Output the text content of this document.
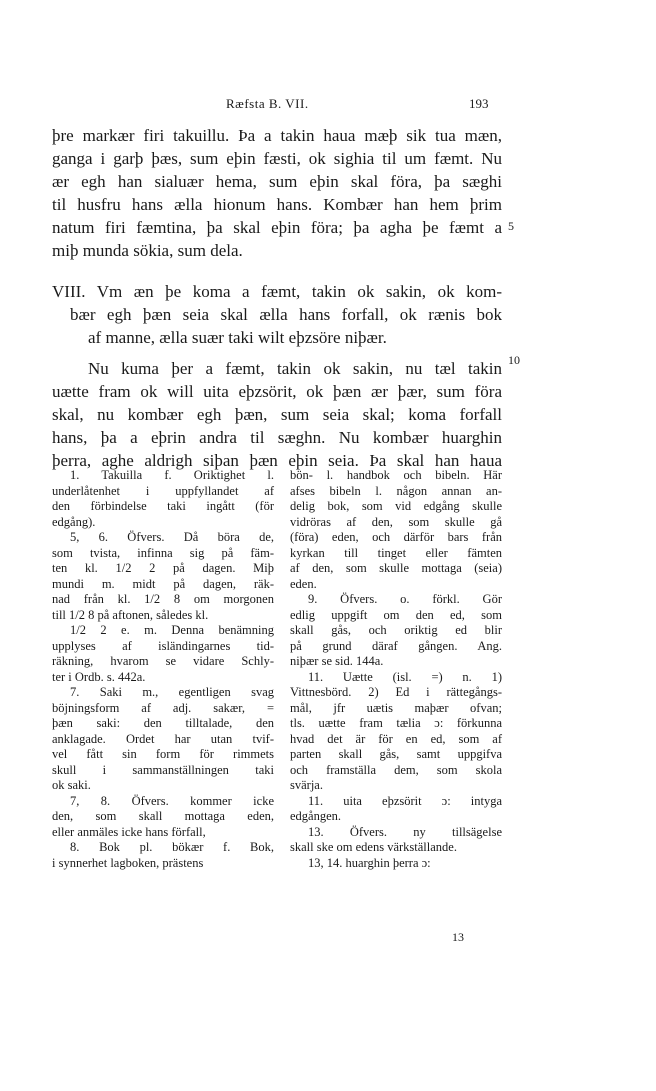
Ræfsta B. VII.	193
þre markær firi takuillu. Þa a takin haua mæþ sik tua mæn,
ganga i garþ þæs, sum eþin fæsti, ok sighia til um fæmt. Nu
ær egh han sialuær hema, sum eþin skal föra, þa sæghi
til husfru hans ælla hionum hans. Kombær han hem þrim
natum firi fæmtina, þa skal eþin föra; þa agha þe fæmt a
miþ munda sökia, sum dela.
VIII. Vm æn þe koma a fæmt, takin ok sakin, ok kom-
bær egh þæn seia skal ælla hans forfall, ok rænis bok
af manne, ælla suær taki wilt eþzsöre niþær.
Nu kuma þer a fæmt, takin ok sakin, nu tæl takin
uætte fram ok will uita eþzsörit, ok þæn ær þær, sum föra
skal, nu kombær egh þæn, sum seia skal; koma forfall
hans, þa a eþrin andra til sæghn. Nu kombær huarghin
þerra, aghe aldrigh siþan þæn eþin seia. Þa skal han haua
5
10
1. Takuilla f. Oriktighet l.
underlåtenhet i uppfyllandet af
den förbindelse taki ingått (för
edgång).
5, 6. Öfvers. Då böra de,
som tvista, infinna sig på fäm-
ten kl. 1/2 2 på dagen. Miþ
mundi m. midt på dagen, räk-
nad från kl. 1/2 8 om morgonen
till 1/2 8 på aftonen, således kl.
1/2 2 e. m. Denna benämning
upplyses af isländingarnes tid-
räkning, hvarom se vidare Schly-
ter i Ordb. s. 442a.
7. Saki m., egentligen svag
böjningsform af adj. sakær, =
þæn saki: den tilltalade, den
anklagade. Ordet har utan tvif-
vel fått sin form för rimmets
skull i sammanställningen taki
ok saki.
7, 8. Öfvers. kommer icke
den, som skall mottaga eden,
eller anmäles icke hans förfall,
8. Bok pl. bökær f. Bok,
i synnerhet lagboken, prästens
bön- l. handbok och bibeln. Här
afses bibeln l. någon annan an-
delig bok, som vid edgång skulle
vidröras af den, som skulle gå
(föra) eden, och därför bars från
kyrkan till tinget eller fämten
af den, som skulle mottaga (seia)
eden.
9. Öfvers. o. förkl. Gör
edlig uppgift om den ed, som
skall gås, och oriktig ed blir
på grund däraf gången. Ang.
niþær se sid. 144a.
11. Uætte (isl. =) n. 1)
Vittnesbörd. 2) Ed i rättegångs-
mål, jfr uætis maþær ofvan;
tls. uætte fram tælia ɔ: förkunna
hvad det är för en ed, som af
parten skall gås, samt uppgifva
och framställa dem, som skola
svärja.
11. uita eþzsörit ɔ: intyga
edgången.
13. Öfvers. ny tillsägelse
skall ske om edens värkställande.
13, 14. huarghin þerra ɔ:
13
